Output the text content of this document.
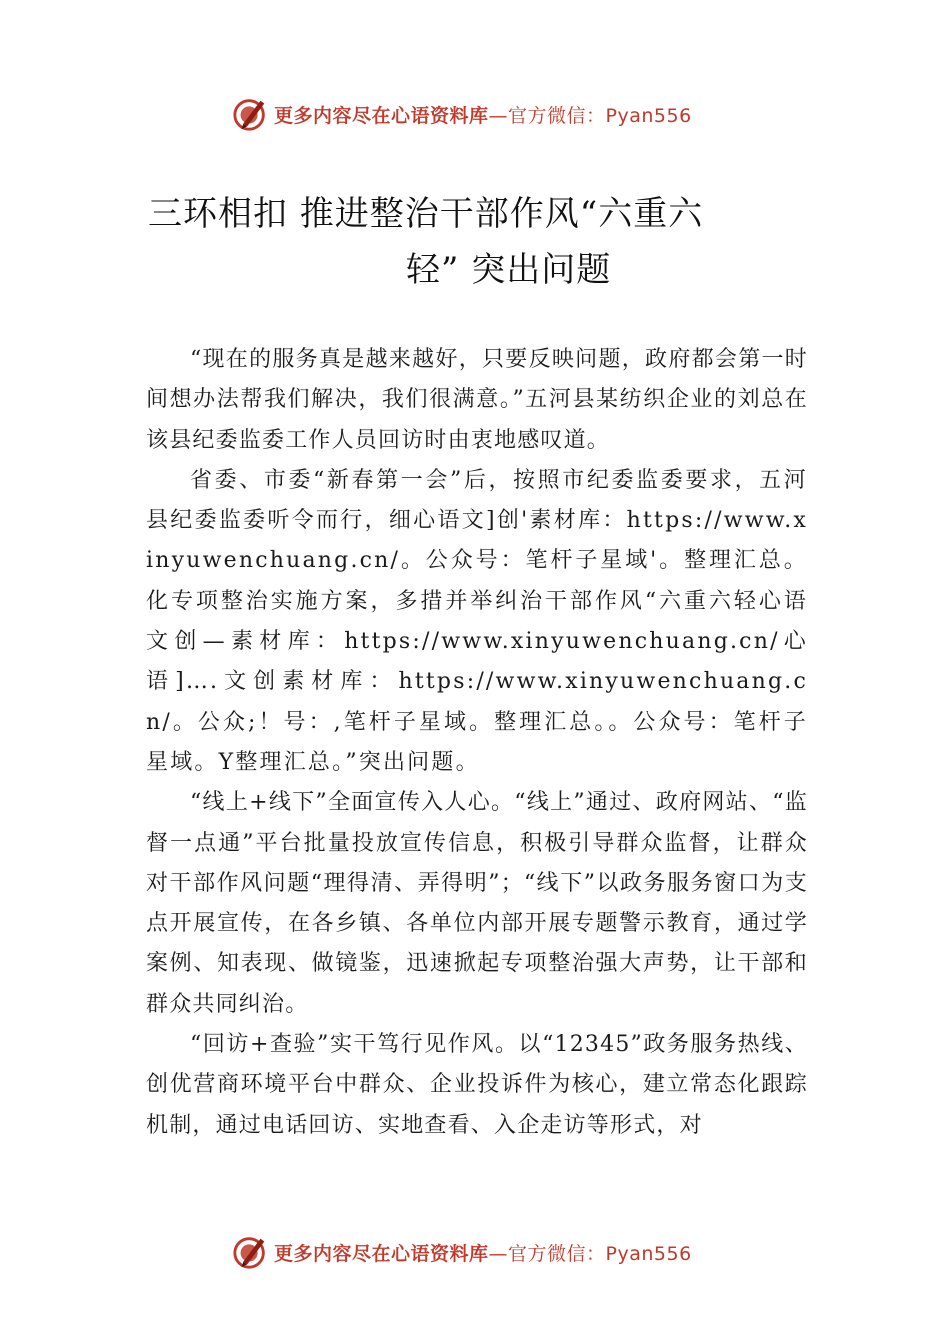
更多内容尽在心语资料库—官方微信：Pyan556
三环相扣 推进整治干部作风“六重六
轻” 突出问题

“现在的服务真是越来越好，只要反映问题，政府都会第一时间想办法帮我们解决，我们很满意。”五河县某纺织企业的刘总在该县纪委监委工作人员回访时由衷地感叹道。

省委、市委“新春第一会”后，按照市纪委监委要求，五河县纪委监委听令而行，细心语文]创'素材库：https://www.xinyuwenchuang.cn/。公众号：笔杆子星域'。整理汇总。化专项整治实施方案，多措并举纠治干部作风“六重六轻心语文创—素材库：https://www.xinyuwenchuang.cn/心语]….文创素材库：https://www.xinyuwenchuang.cn/。公众;！号：,笔杆子星域。整理汇总。。公众号：笔杆子星域。Y整理汇总。”突出问题。

“线上+线下”全面宣传入人心。“线上”通过、政府网站、“监督一点通”平台批量投放宣传信息，积极引导群众监督，让群众对干部作风问题“理得清、弄得明”；“线下”以政务服务窗口为支点开展宣传，在各乡镇、各单位内部开展专题警示教育，通过学案例、知表现、做镜鉴，迅速掀起专项整治强大声势，让干部和群众共同纠治。

“回访+查验”实干笃行见作风。以“12345”政务服务热线、创优营商环境平台中群众、企业投诉件为核心，建立常态化跟踪机制，通过电话回访、实地查看、入企走访等形式，对

更多内容尽在心语资料库—官方微信：Pyan556
